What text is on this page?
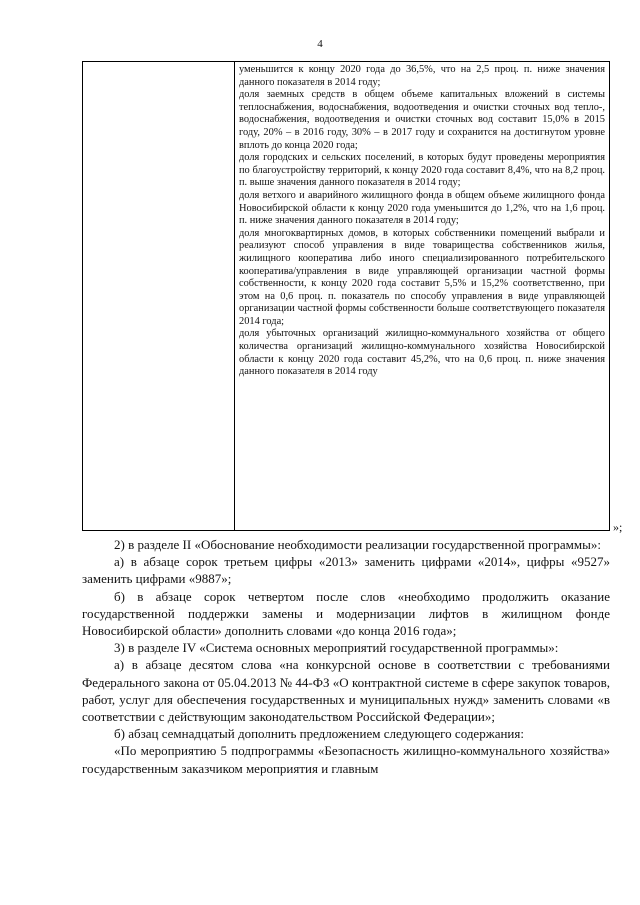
4

уменьшится к концу 2020 года до 36,5%, что на 2,5 проц. п. ниже значения данного показателя в 2014 году;

доля заемных средств в общем объеме капитальных вложений в системы теплоснабжения, водоснабжения, водоотведения и очистки сточных вод тепло-, водоснабжения, водоотведения и очистки сточных вод составит 15,0% в 2015 году, 20% – в 2016 году, 30% – в 2017 году и сохранится на достигнутом уровне вплоть до конца 2020 года;

доля городских и сельских поселений, в которых будут проведены мероприятия по благоустройству территорий, к концу 2020 года составит 8,4%, что на 8,2 проц. п. выше значения данного показателя в 2014 году;

доля ветхого и аварийного жилищного фонда в общем объеме жилищного фонда Новосибирской области к концу 2020 года уменьшится до 1,2%, что на 1,6 проц. п. ниже значения данного показателя в 2014 году;

доля многоквартирных домов, в которых собственники помещений выбрали и реализуют способ управления в виде товарищества собственников жилья, жилищного кооператива либо иного специализированного потребительского кооператива/управления в виде управляющей организации частной формы собственности, к концу 2020 года составит 5,5% и 15,2% соответственно, при этом на 0,6 проц. п. показатель по способу управления в виде управляющей организации частной формы собственности больше соответствующего показателя 2014 года;

доля убыточных организаций жилищно-коммунального хозяйства от общего количества организаций жилищно-коммунального хозяйства Новосибирской области к концу 2020 года составит 45,2%, что на 0,6 проц. п. ниже значения данного показателя в 2014 году

»;

2) в разделе II «Обоснование необходимости реализации государственной программы»:

а) в абзаце сорок третьем цифры «2013» заменить цифрами «2014», цифры «9527» заменить цифрами «9887»;

б) в абзаце сорок четвертом после слов «необходимо продолжить оказание государственной поддержки замены и модернизации лифтов в жилищном фонде Новосибирской области» дополнить словами «до конца 2016 года»;

3) в разделе IV «Система основных мероприятий государственной программы»:

а) в абзаце десятом слова «на конкурсной основе в соответствии с требованиями Федерального закона от 05.04.2013 № 44-ФЗ «О контрактной системе в сфере закупок товаров, работ, услуг для обеспечения государственных и муниципальных нужд» заменить словами «в соответствии с действующим законодательством Российской Федерации»;

б) абзац семнадцатый дополнить предложением следующего содержания:

«По мероприятию 5 подпрограммы «Безопасность жилищно-коммунального хозяйства» государственным заказчиком мероприятия и главным
